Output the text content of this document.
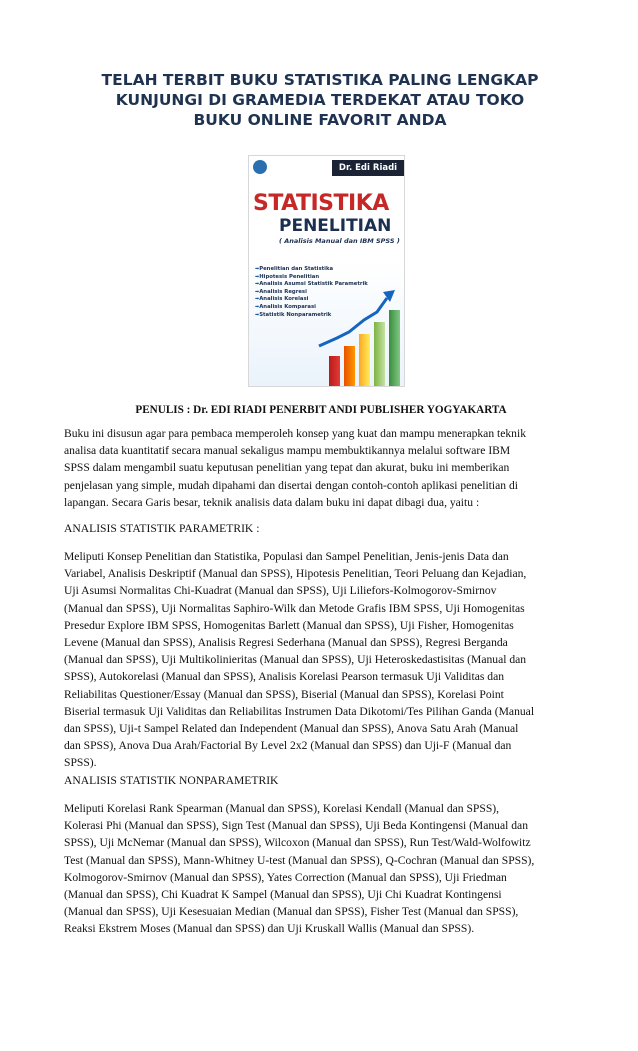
TELAH TERBIT BUKU STATISTIKA PALING LENGKAP
KUNJUNGI DI GRAMEDIA TERDEKAT ATAU TOKO
BUKU ONLINE FAVORIT ANDA
Dr. Edi Riadi
STATISTIKA
PENELITIAN
( Analisis Manual dan IBM SPSS )
➡ Penelitian dan Statistika
➡ Hipotesis Penelitian
➡ Analisis Asumsi Statistik Parametrik
➡ Analisis Regresi
➡ Analisis Korelasi
➡ Analisis Komparasi
➡ Statistik Nonparametrik
PENULIS : Dr. EDI RIADI PENERBIT ANDI PUBLISHER YOGYAKARTA
Buku ini disusun agar para pembaca memperoleh konsep yang kuat dan mampu menerapkan teknik
analisa data kuantitatif secara manual sekaligus mampu membuktikannya melalui software IBM
SPSS dalam mengambil suatu keputusan penelitian yang tepat dan akurat, buku ini memberikan
penjelasan yang simple, mudah dipahami dan disertai dengan contoh-contoh aplikasi penelitian di
lapangan. Secara Garis besar, teknik analisis data dalam buku ini dapat dibagi dua, yaitu :
ANALISIS STATISTIK PARAMETRIK :
Meliputi Konsep Penelitian dan Statistika, Populasi dan Sampel Penelitian, Jenis-jenis Data dan
Variabel, Analisis Deskriptif (Manual dan SPSS), Hipotesis Penelitian, Teori Peluang dan Kejadian,
Uji Asumsi Normalitas Chi-Kuadrat (Manual dan SPSS), Uji Liliefors-Kolmogorov-Smirnov
(Manual dan SPSS), Uji Normalitas Saphiro-Wilk dan Metode Grafis IBM SPSS, Uji Homogenitas
Presedur Explore IBM SPSS, Homogenitas Barlett (Manual dan SPSS), Uji Fisher, Homogenitas
Levene (Manual dan SPSS), Analisis Regresi Sederhana (Manual dan SPSS), Regresi Berganda
(Manual dan SPSS), Uji Multikolinieritas (Manual dan SPSS), Uji Heteroskedastisitas (Manual dan
SPSS), Autokorelasi (Manual dan SPSS), Analisis Korelasi Pearson termasuk Uji Validitas dan
Reliabilitas Questioner/Essay (Manual dan SPSS), Biserial (Manual dan SPSS), Korelasi Point
Biserial termasuk Uji Validitas dan Reliabilitas Instrumen Data Dikotomi/Tes Pilihan Ganda (Manual
dan SPSS), Uji-t Sampel Related dan Independent (Manual dan SPSS), Anova Satu Arah (Manual
dan SPSS), Anova Dua Arah/Factorial By Level 2x2 (Manual dan SPSS) dan Uji-F (Manual dan
SPSS).
ANALISIS STATISTIK NONPARAMETRIK
Meliputi Korelasi Rank Spearman (Manual dan SPSS), Korelasi Kendall (Manual dan SPSS),
Kolerasi Phi (Manual dan SPSS), Sign Test (Manual dan SPSS), Uji Beda Kontingensi (Manual dan
SPSS), Uji McNemar (Manual dan SPSS), Wilcoxon (Manual dan SPSS), Run Test/Wald-Wolfowitz
Test (Manual dan SPSS), Mann-Whitney U-test (Manual dan SPSS), Q-Cochran (Manual dan SPSS),
Kolmogorov-Smirnov (Manual dan SPSS), Yates Correction (Manual dan SPSS), Uji Friedman
(Manual dan SPSS), Chi Kuadrat K Sampel (Manual dan SPSS), Uji Chi Kuadrat Kontingensi
(Manual dan SPSS), Uji Kesesuaian Median (Manual dan SPSS), Fisher Test (Manual dan SPSS),
Reaksi Ekstrem Moses (Manual dan SPSS) dan Uji Kruskall Wallis (Manual dan SPSS).
